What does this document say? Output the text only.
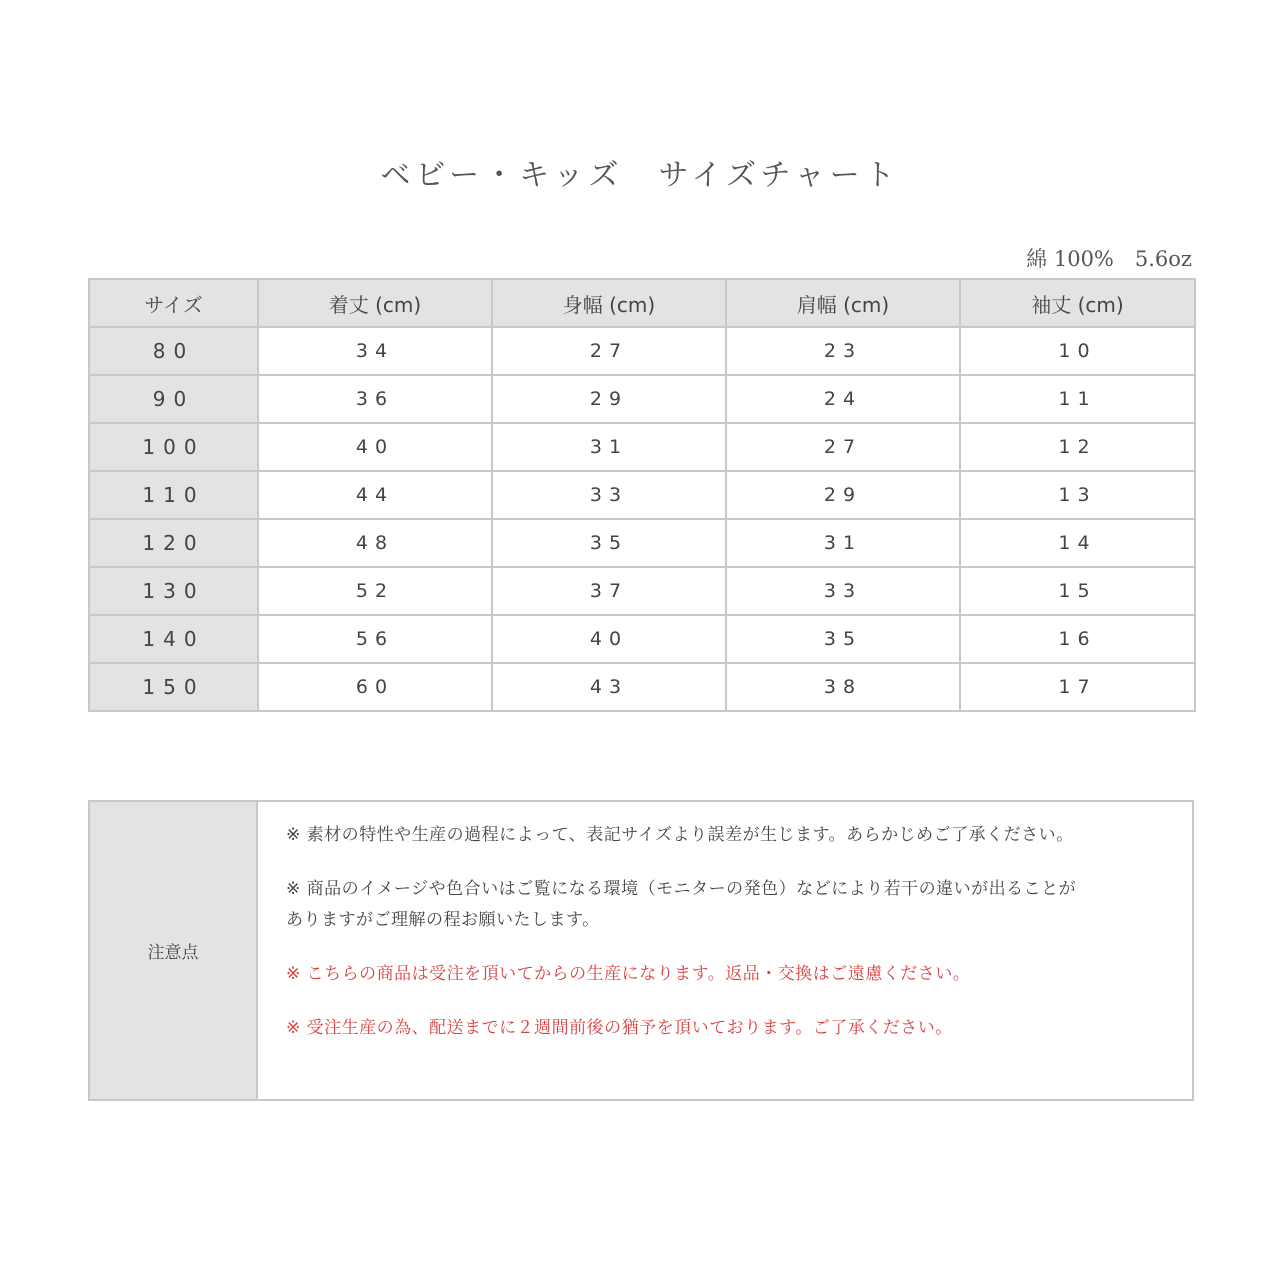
ベビー・キッズ　サイズチャート
綿 100%　5.6oz
サイズ	着丈 (cm)	身幅 (cm)	肩幅 (cm)	袖丈 (cm)
80	34	27	23	10
90	36	29	24	11
100	40	31	27	12
110	44	33	29	13
120	48	35	31	14
130	52	37	33	15
140	56	40	35	16
150	60	43	38	17
注意点	

※ 素材の特性や生産の過程によって、表記サイズより誤差が生じます。あらかじめご了承ください。

※ 商品のイメージや色合いはご覧になる環境（モニターの発色）などにより若干の違いが出ることが
ありますがご理解の程お願いたします。

※ こちらの商品は受注を頂いてからの生産になります。返品・交換はご遠慮ください。

※ 受注生産の為、配送までに２週間前後の猶予を頂いております。ご了承ください。
